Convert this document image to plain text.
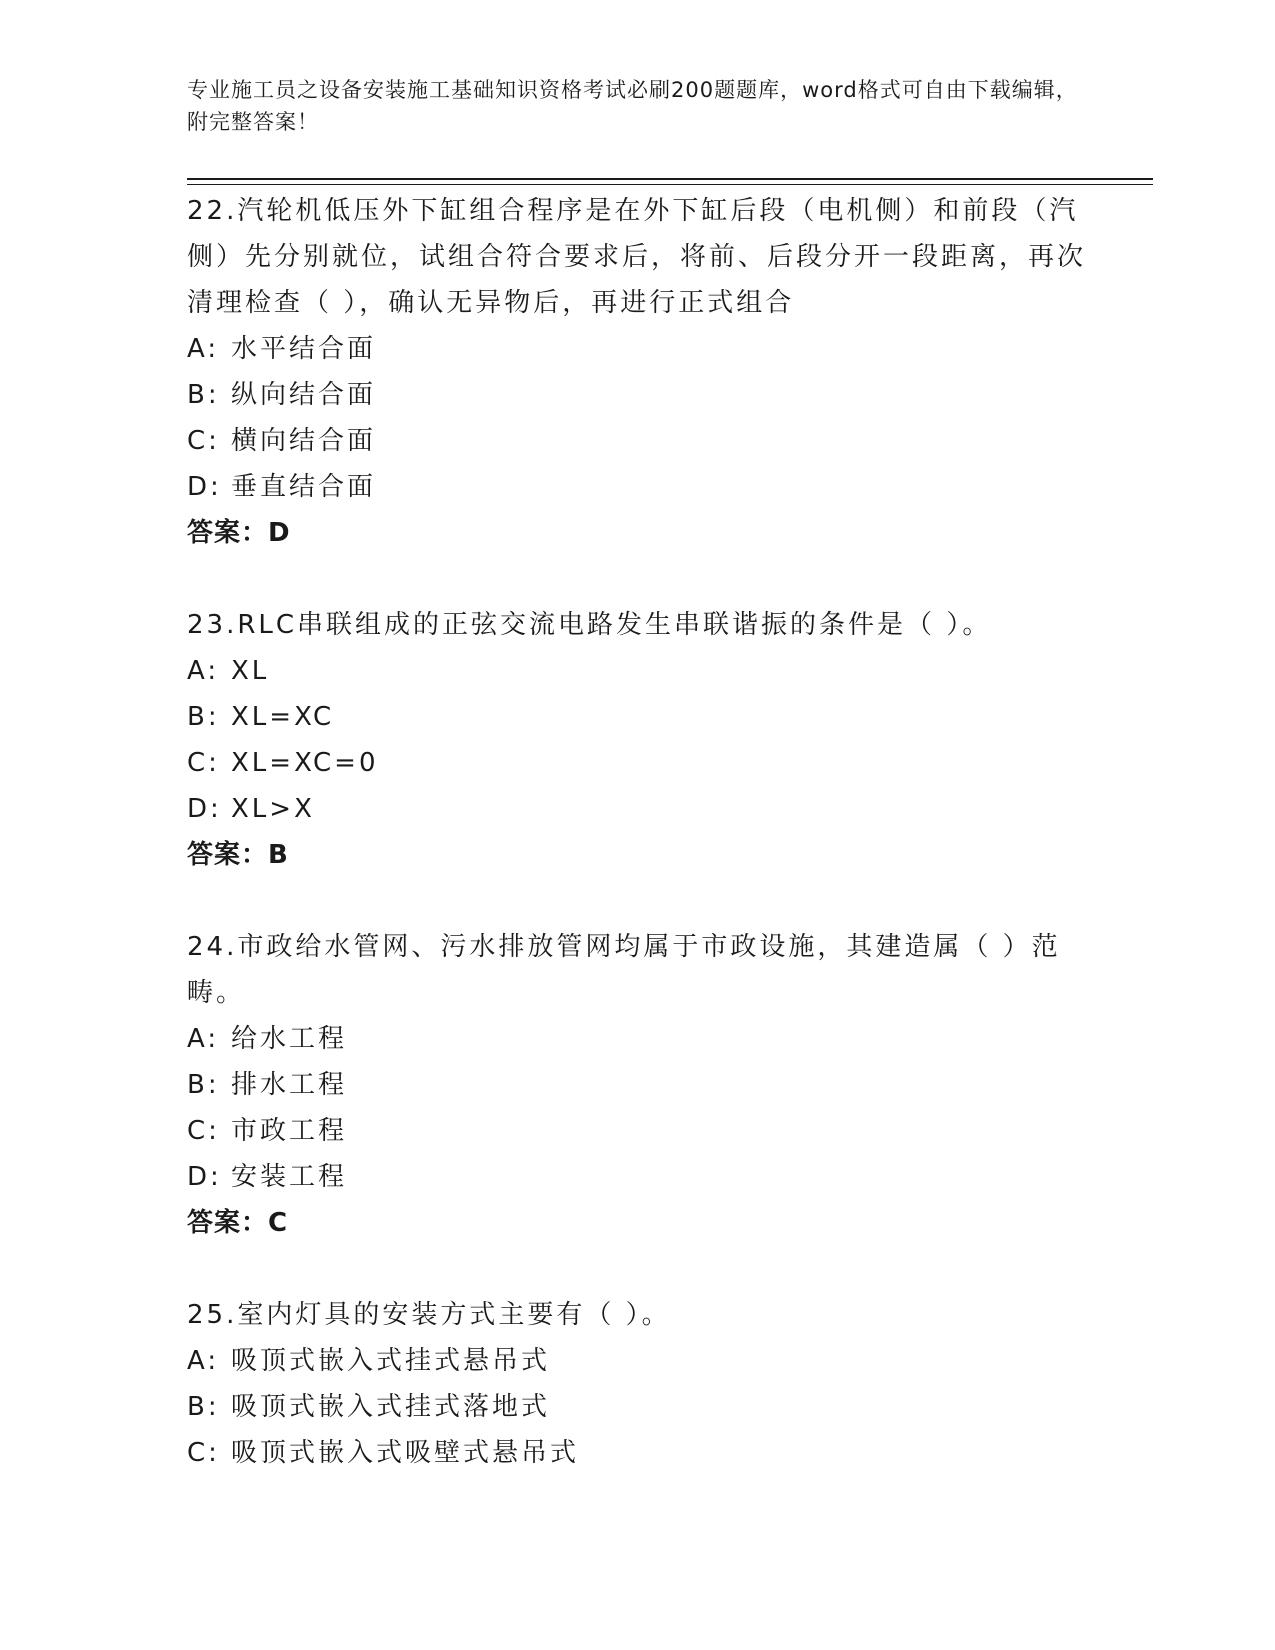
专业施工员之设备安装施工基础知识资格考试必刷200题题库，word格式可自由下载编辑，附完整答案！

22.汽轮机低压外下缸组合程序是在外下缸后段（电机侧）和前段（汽侧）先分别就位，试组合符合要求后，将前、后段分开一段距离，再次清理检查（ ），确认无异物后，再进行正式组合

A: 水平结合面

B: 纵向结合面

C: 横向结合面

D: 垂直结合面

答案：D

23.RLC串联组成的正弦交流电路发生串联谐振的条件是（ ）。

A: XL

B: XL=XC

C: XL=XC=0

D: XL>X

答案：B

24.市政给水管网、污水排放管网均属于市政设施，其建造属（ ）范畴。

A: 给水工程

B: 排水工程

C: 市政工程

D: 安装工程

答案：C

25.室内灯具的安装方式主要有（ ）。

A: 吸顶式嵌入式挂式悬吊式

B: 吸顶式嵌入式挂式落地式

C: 吸顶式嵌入式吸壁式悬吊式
